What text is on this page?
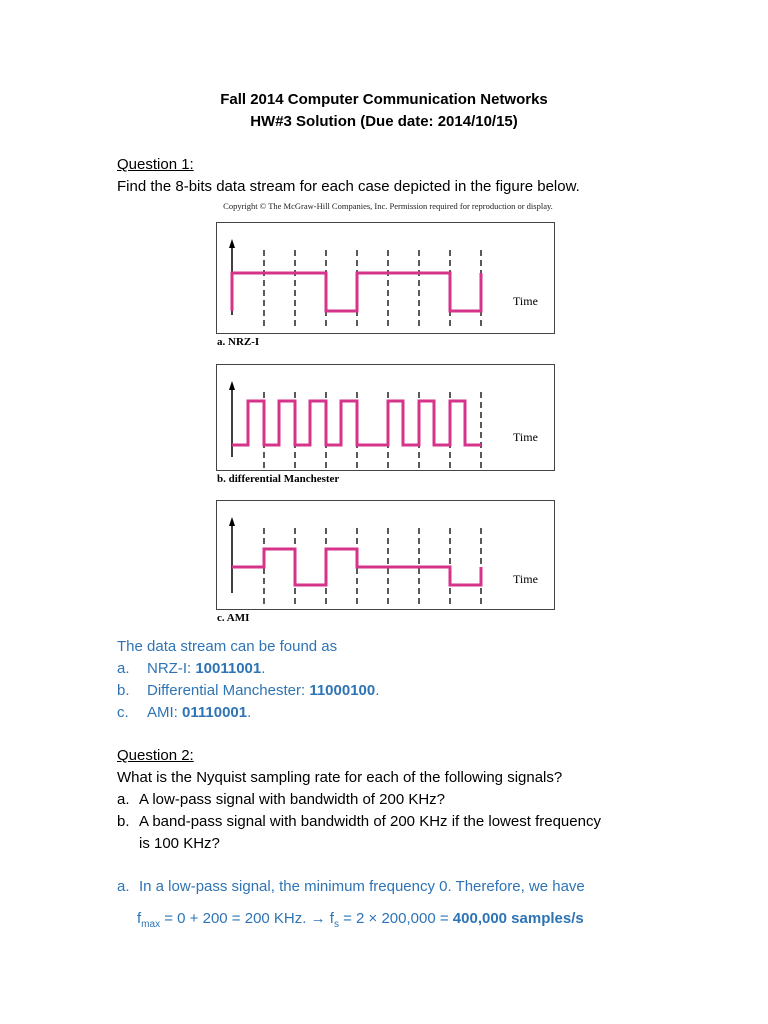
Fall 2014 Computer Communication Networks
HW#3 Solution (Due date: 2014/10/15)
Question 1:
Find the 8-bits data stream for each case depicted in the figure below.
Copyright © The McGraw-Hill Companies, Inc. Permission required for reproduction or display.
Time
a. NRZ-I
Time
b. differential Manchester
Time
c. AMI
The data stream can be found as
a. NRZ-I: 10011001.
b. Differential Manchester: 11000100.
c. AMI: 01110001.
Question 2:
What is the Nyquist sampling rate for each of the following signals?
a. A low-pass signal with bandwidth of 200 KHz?
b. A band-pass signal with bandwidth of 200 KHz if the lowest frequency
is 100 KHz?
a. In a low-pass signal, the minimum frequency 0. Therefore, we have
$f_{max} = 0 + 200 = 200$ KHz. → $f_s = 2 \times 200,000 = 400,000$ samples/s
